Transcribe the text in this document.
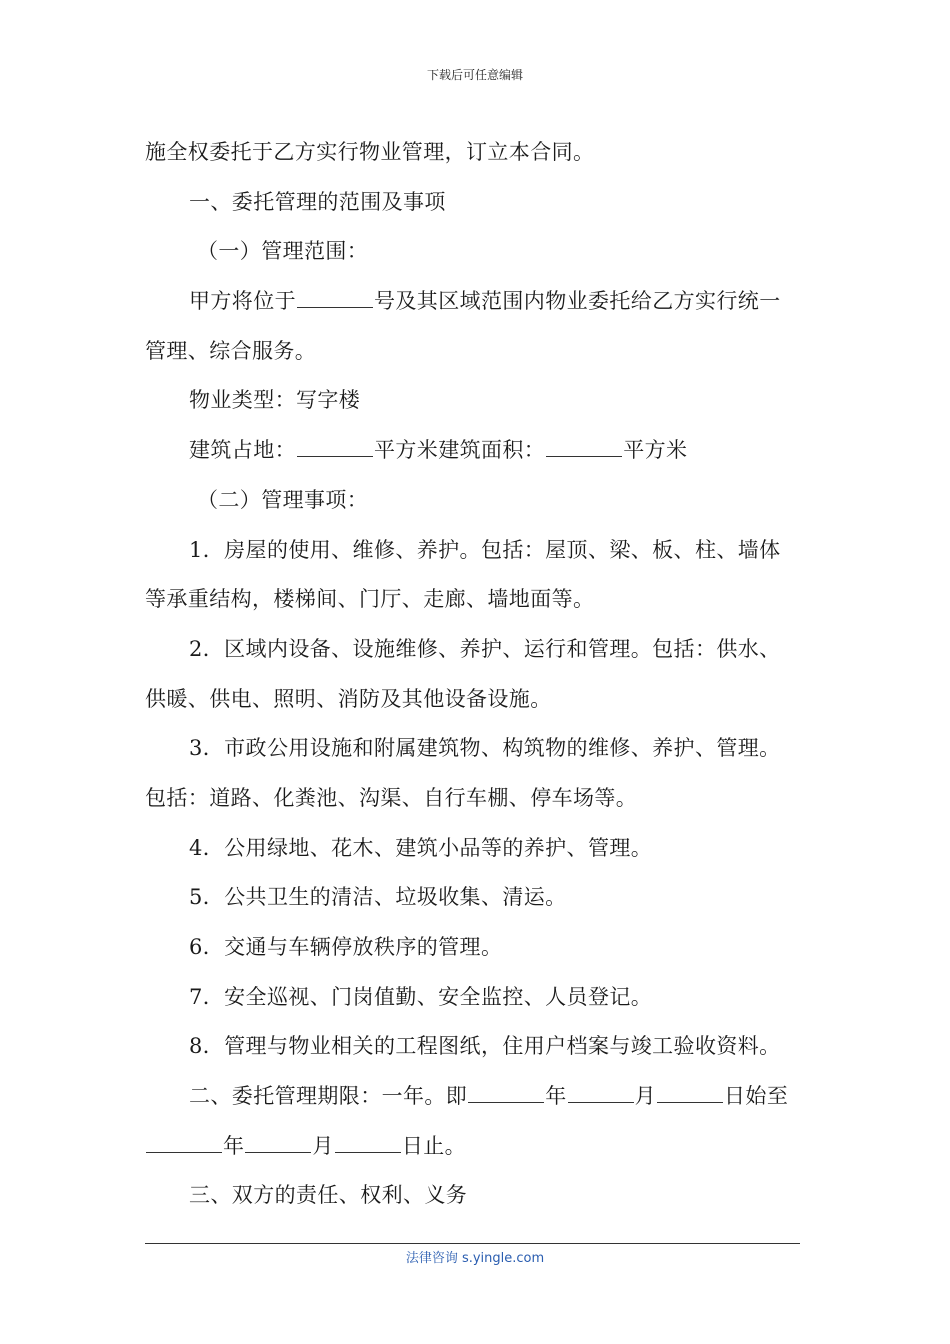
下载后可任意编辑
施全权委托于乙方实行物业管理，订立本合同。
一、委托管理的范围及事项
（一）管理范围：
甲方将位于	号及其区域范围内物业委托给乙方实行统一
管理、综合服务。
物业类型：写字楼
建筑占地：	平方米建筑面积：	平方米
（二）管理事项：
1．房屋的使用、维修、养护。包括：屋顶、梁、板、柱、墙体
等承重结构，楼梯间、门厅、走廊、墙地面等。
2．区域内设备、设施维修、养护、运行和管理。包括：供水、
供暖、供电、照明、消防及其他设备设施。
3．市政公用设施和附属建筑物、构筑物的维修、养护、管理。
包括：道路、化粪池、沟渠、自行车棚、停车场等。
4．公用绿地、花木、建筑小品等的养护、管理。
5．公共卫生的清洁、垃圾收集、清运。
6．交通与车辆停放秩序的管理。
7．安全巡视、门岗值勤、安全监控、人员登记。
8．管理与物业相关的工程图纸，住用户档案与竣工验收资料。
二、委托管理期限：一年。即	年	月	日始至
年	月	日止。
三、双方的责任、权利、义务
法律咨询 s.yingle.com
